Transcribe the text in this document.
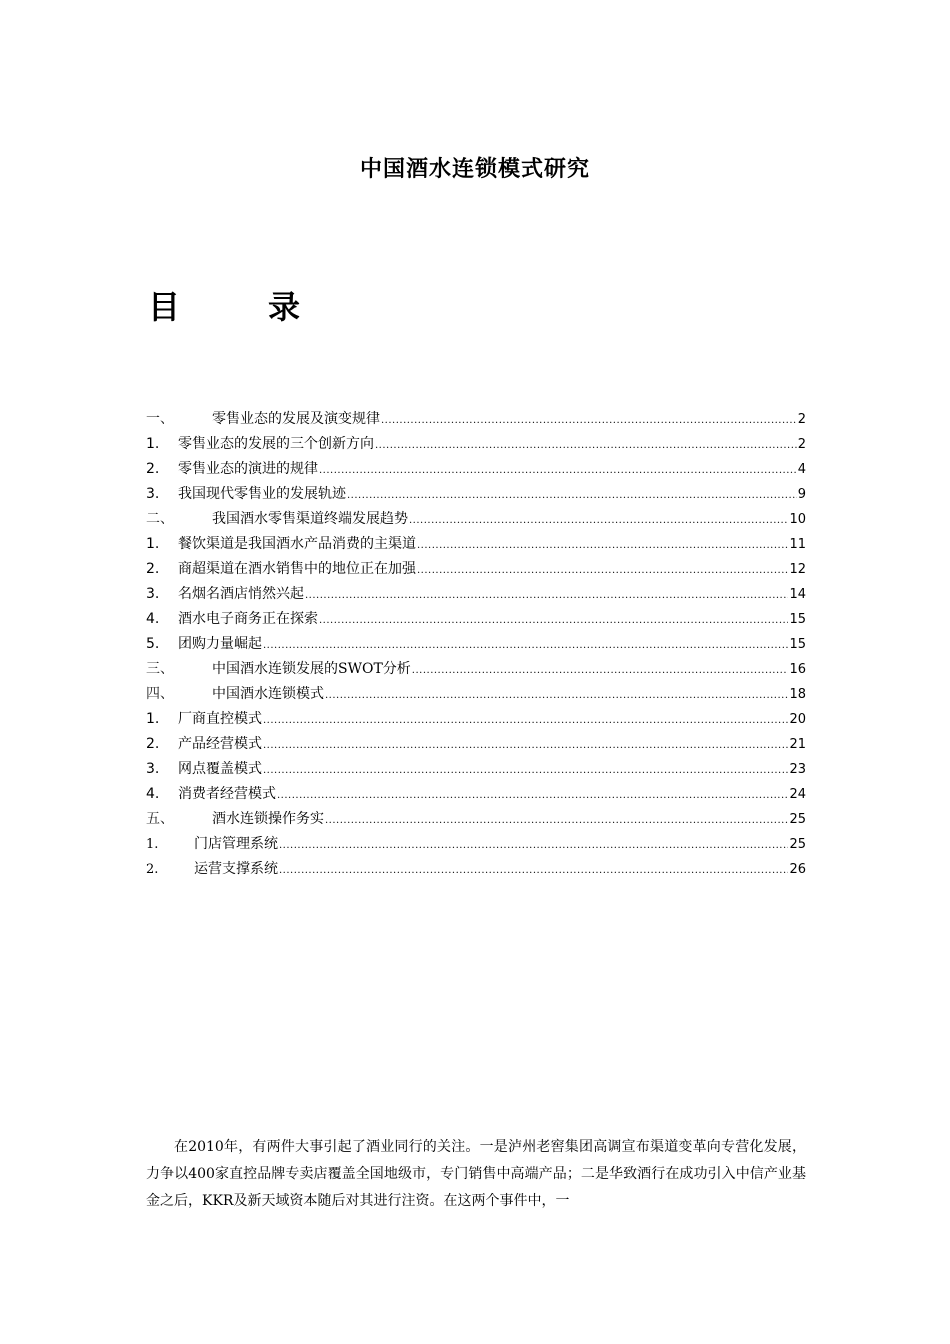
中国酒水连锁模式研究
目	录
一、	零售业态的发展及演变规律 .....	2
1.	零售业态的发展的三个创新方向 .....	2
2.	零售业态的演进的规律 .....	4
3.	我国现代零售业的发展轨迹 .....	9
二、	我国酒水零售渠道终端发展趋势 .....	10
1.	餐饮渠道是我国酒水产品消费的主渠道 .....	11
2.	商超渠道在酒水销售中的地位正在加强 .....	12
3.	名烟名酒店悄然兴起 .....	14
4.	酒水电子商务正在探索 .....	15
5.	团购力量崛起 .....	15
三、	中国酒水连锁发展的SWOT分析 .....	16
四、	中国酒水连锁模式 .....	18
1.	厂商直控模式 .....	20
2.	产品经营模式 .....	21
3.	网点覆盖模式 .....	23
4.	消费者经营模式 .....	24
五、	酒水连锁操作务实 .....	25
1.	门店管理系统 .....	25
2.	运营支撑系统 .....	26
在2010年，有两件大事引起了酒业同行的关注。一是泸州老窖集团高调宣布渠道变革向专营化发展，力争以400家直控品牌专卖店覆盖全国地级市，专门销售中高端产品；二是华致酒行在成功引入中信产业基金之后，KKR及新天域资本随后对其进行注资。在这两个事件中，一
